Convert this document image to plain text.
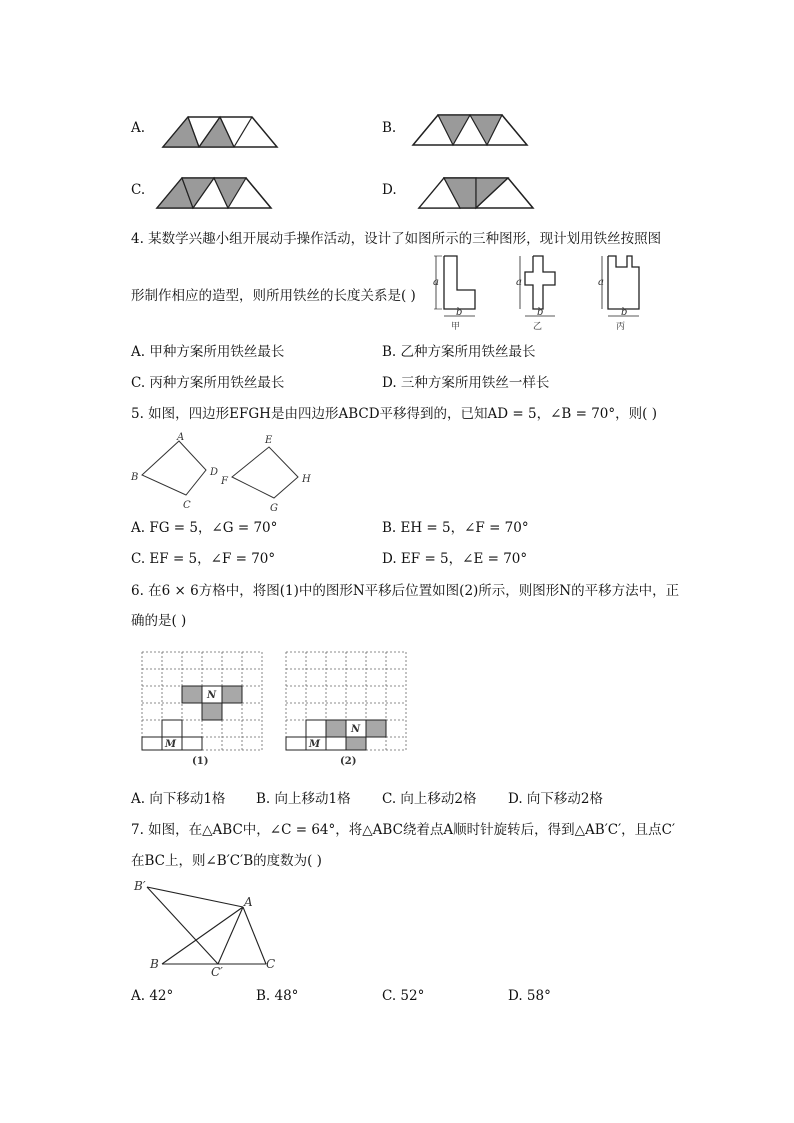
A.	B.
C.	D.
4. 某数学兴趣小组开展动手操作活动，设计了如图所示的三种图形，现计划用铁丝按照图
形制作相应的造型，则所用铁丝的长度关系是( )
a
b
甲
a
b
乙
a
b
丙
A. 甲种方案所用铁丝最长	B. 乙种方案所用铁丝最长
C. 丙种方案所用铁丝最长	D. 三种方案所用铁丝一样长
5. 如图，四边形EFGH是由四边形ABCD平移得到的，已知AD = 5，∠B = 70°，则( )
A
B
C
D
E
F
G
H
A. FG = 5，∠G = 70°	B. EH = 5，∠F = 70°
C. EF = 5，∠F = 70°	D. EF = 5，∠E = 70°
6. 在6 × 6方格中，将图(1)中的图形N平移后位置如图(2)所示，则图形N的平移方法中，正
确的是( )
N
M
(1)
N
M
(2)
A. 向下移动1格 B. 向上移动1格 C. 向上移动2格 D. 向下移动2格
7. 如图，在△ABC中，∠C = 64°，将△ABC绕着点A顺时针旋转后，得到△AB′C′，且点C′
在BC上，则∠B′C′B的度数为( )
B′
A
B
C′
C
A. 42°	B. 48°	C. 52°	D. 58°
